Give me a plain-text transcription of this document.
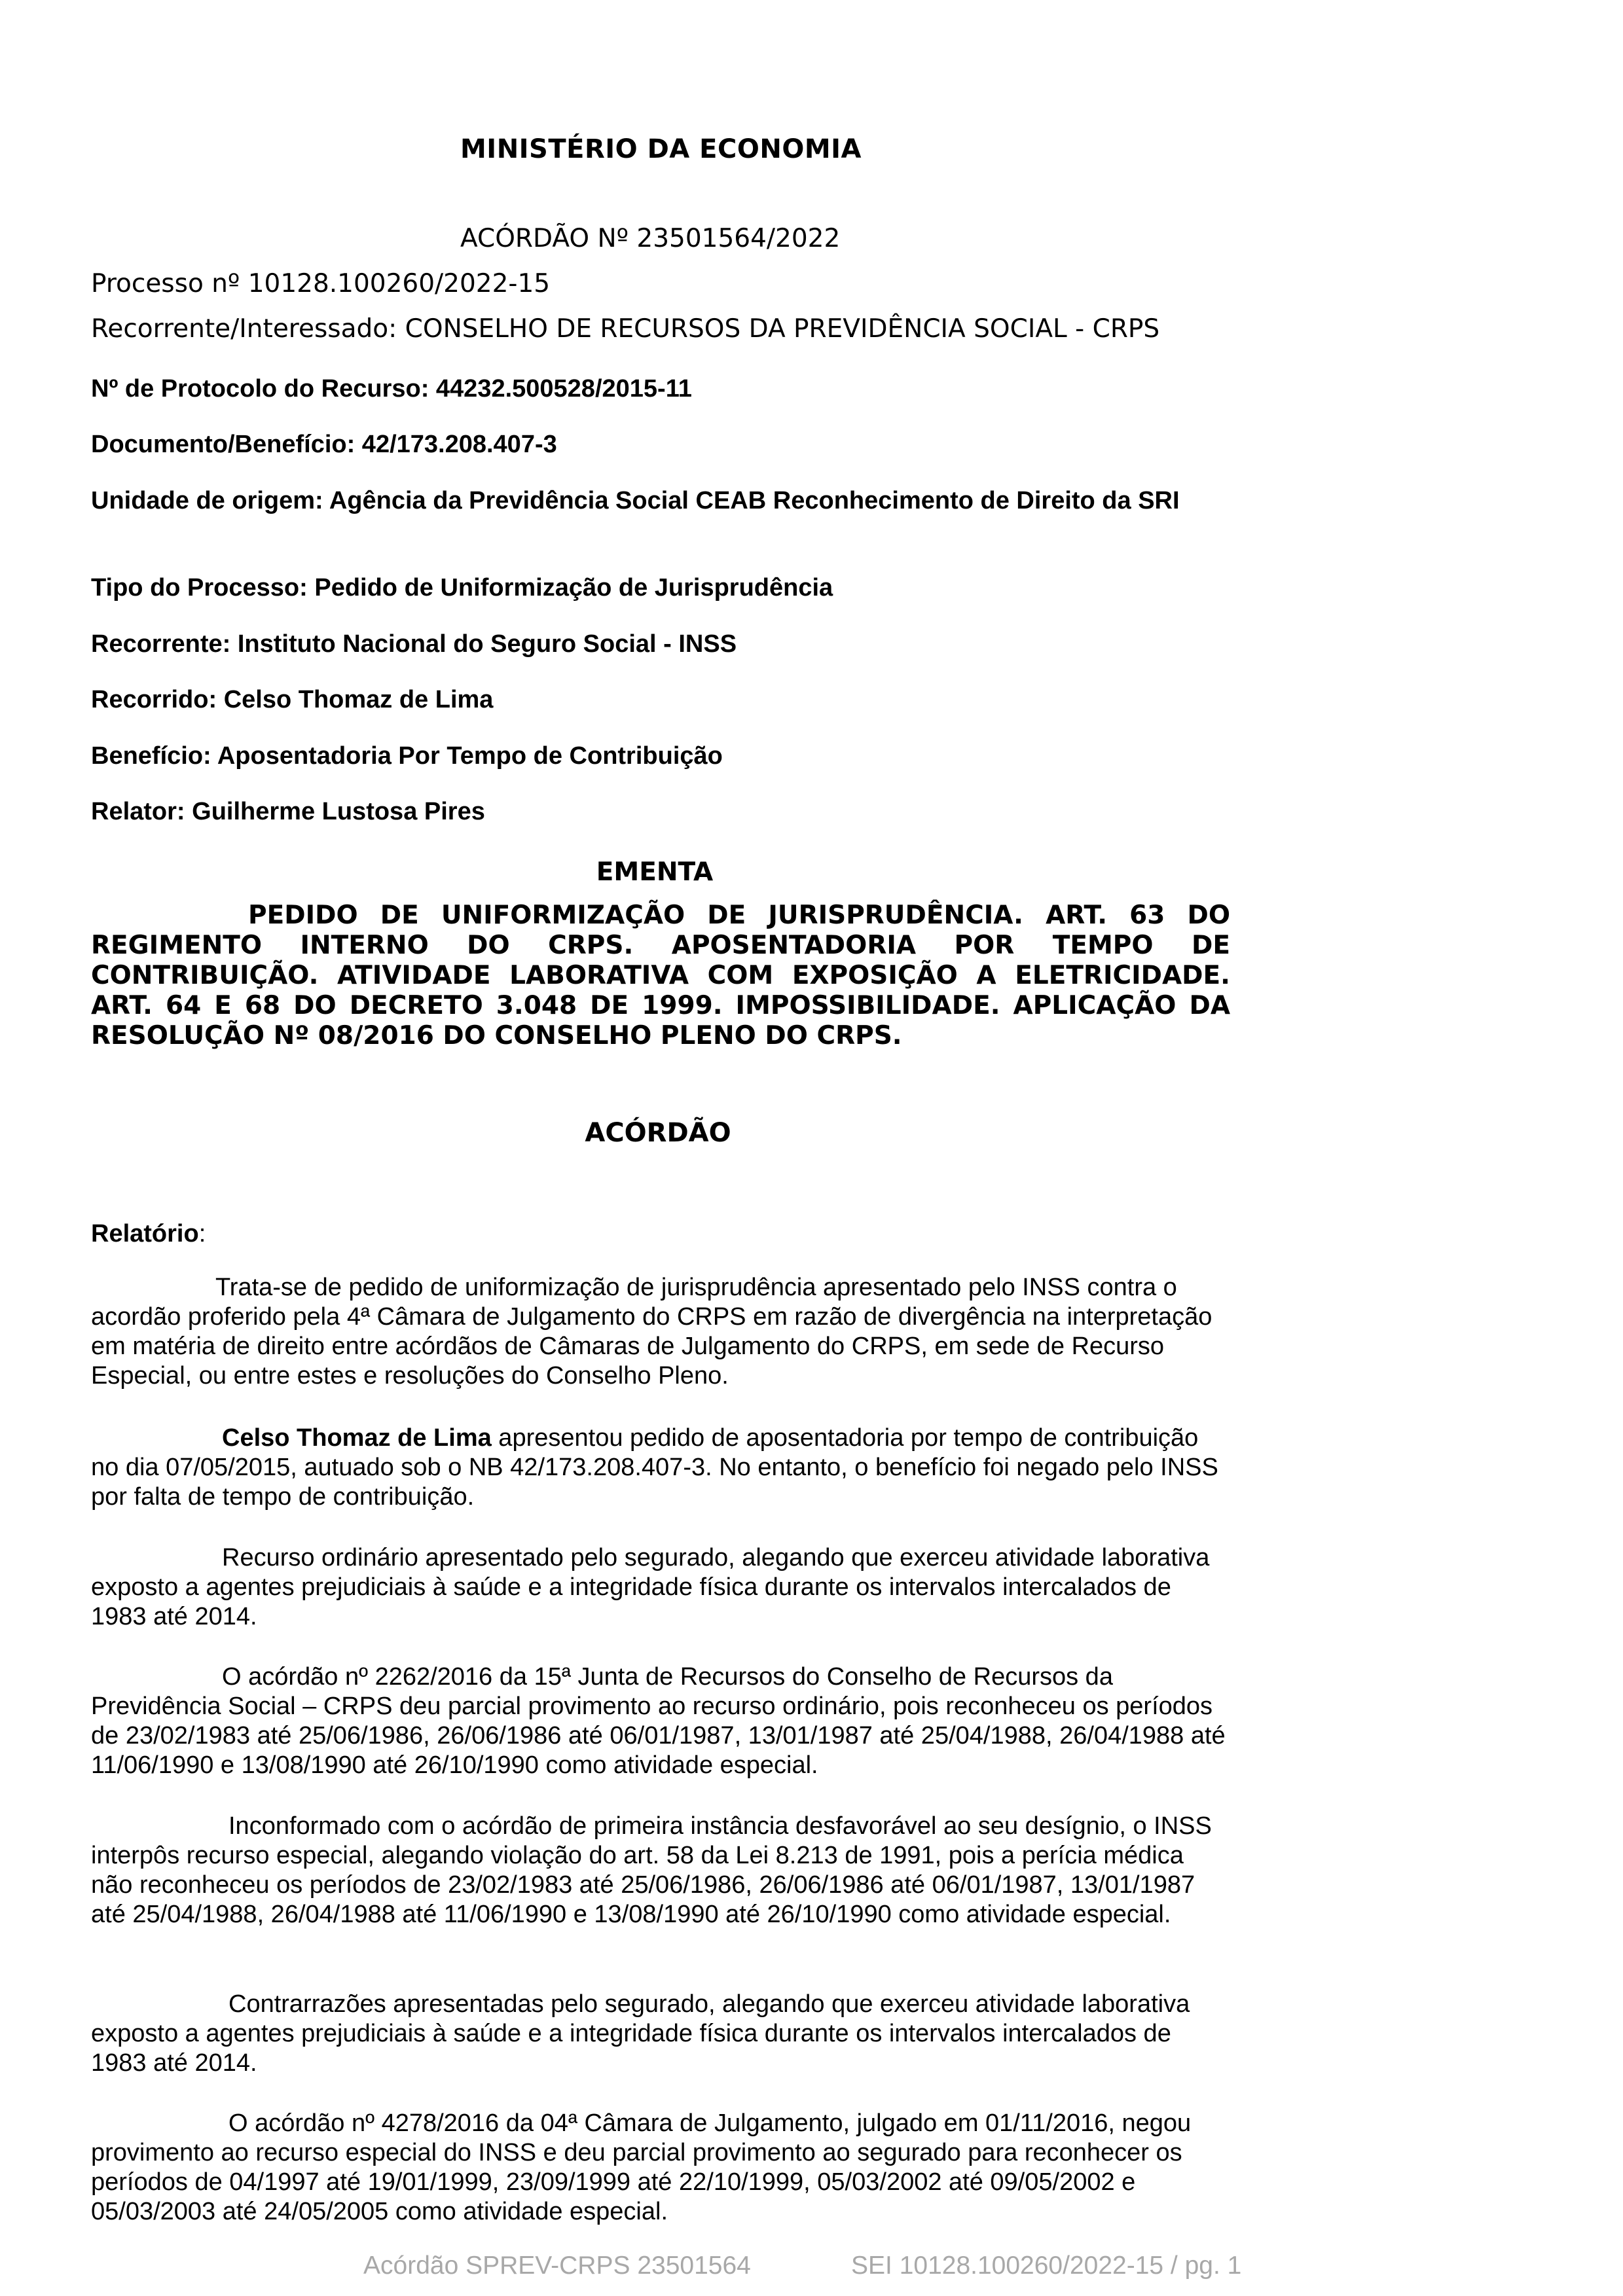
MINISTÉRIO DA ECONOMIA
ACÓRDÃO Nº 23501564/2022
Processo nº 10128.100260/2022-15
Recorrente/Interessado: CONSELHO DE RECURSOS DA PREVIDÊNCIA SOCIAL - CRPS
Nº de Protocolo do Recurso: 44232.500528/2015-11
Documento/Benefício: 42/173.208.407-3
Unidade de origem: Agência da Previdência Social CEAB Reconhecimento de Direito da SRI
Tipo do Processo: Pedido de Uniformização de Jurisprudência
Recorrente: Instituto Nacional do Seguro Social - INSS
Recorrido: Celso Thomaz de Lima
Benefício: Aposentadoria Por Tempo de Contribuição
Relator: Guilherme Lustosa Pires
EMENTA
PEDIDO DE UNIFORMIZAÇÃO DE JURISPRUDÊNCIA. ART. 63 DO REGIMENTO INTERNO DO CRPS. APOSENTADORIA POR TEMPO DE CONTRIBUIÇÃO. ATIVIDADE LABORATIVA COM EXPOSIÇÃO A ELETRICIDADE. ART. 64 E 68 DO DECRETO 3.048 DE 1999. IMPOSSIBILIDADE. APLICAÇÃO DA RESOLUÇÃO Nº 08/2016 DO CONSELHO PLENO DO CRPS.
ACÓRDÃO
Relatório:
Trata-se de pedido de uniformização de jurisprudência apresentado pelo INSS contra o acordão proferido pela 4ª Câmara de Julgamento do CRPS em razão de divergência na interpretação em matéria de direito entre acórdãos de Câmaras de Julgamento do CRPS, em sede de Recurso Especial, ou entre estes e resoluções do Conselho Pleno.
Celso Thomaz de Lima apresentou pedido de aposentadoria por tempo de contribuição no dia 07/05/2015, autuado sob o NB 42/173.208.407-3. No entanto, o benefício foi negado pelo INSS por falta de tempo de contribuição.
Recurso ordinário apresentado pelo segurado, alegando que exerceu atividade laborativa exposto a agentes prejudiciais à saúde e a integridade física durante os intervalos intercalados de 1983 até 2014.
O acórdão nº 2262/2016 da 15ª Junta de Recursos do Conselho de Recursos da Previdência Social – CRPS deu parcial provimento ao recurso ordinário, pois reconheceu os períodos de 23/02/1983 até 25/06/1986, 26/06/1986 até 06/01/1987, 13/01/1987 até 25/04/1988, 26/04/1988 até 11/06/1990 e 13/08/1990 até 26/10/1990 como atividade especial.
Inconformado com o acórdão de primeira instância desfavorável ao seu desígnio, o INSS interpôs recurso especial, alegando violação do art. 58 da Lei 8.213 de 1991, pois a perícia médica não reconheceu os períodos de 23/02/1983 até 25/06/1986, 26/06/1986 até 06/01/1987, 13/01/1987 até 25/04/1988, 26/04/1988 até 11/06/1990 e 13/08/1990 até 26/10/1990 como atividade especial.
Contrarrazões apresentadas pelo segurado, alegando que exerceu atividade laborativa exposto a agentes prejudiciais à saúde e a integridade física durante os intervalos intercalados de 1983 até 2014.
O acórdão nº 4278/2016 da 04ª Câmara de Julgamento, julgado em 01/11/2016, negou provimento ao recurso especial do INSS e deu parcial provimento ao segurado para reconhecer os períodos de 04/1997 até 19/01/1999, 23/09/1999 até 22/10/1999, 05/03/2002 até 09/05/2002 e 05/03/2003 até 24/05/2005 como atividade especial.
Acórdão SPREV-CRPS 23501564	SEI 10128.100260/2022-15 / pg. 1
